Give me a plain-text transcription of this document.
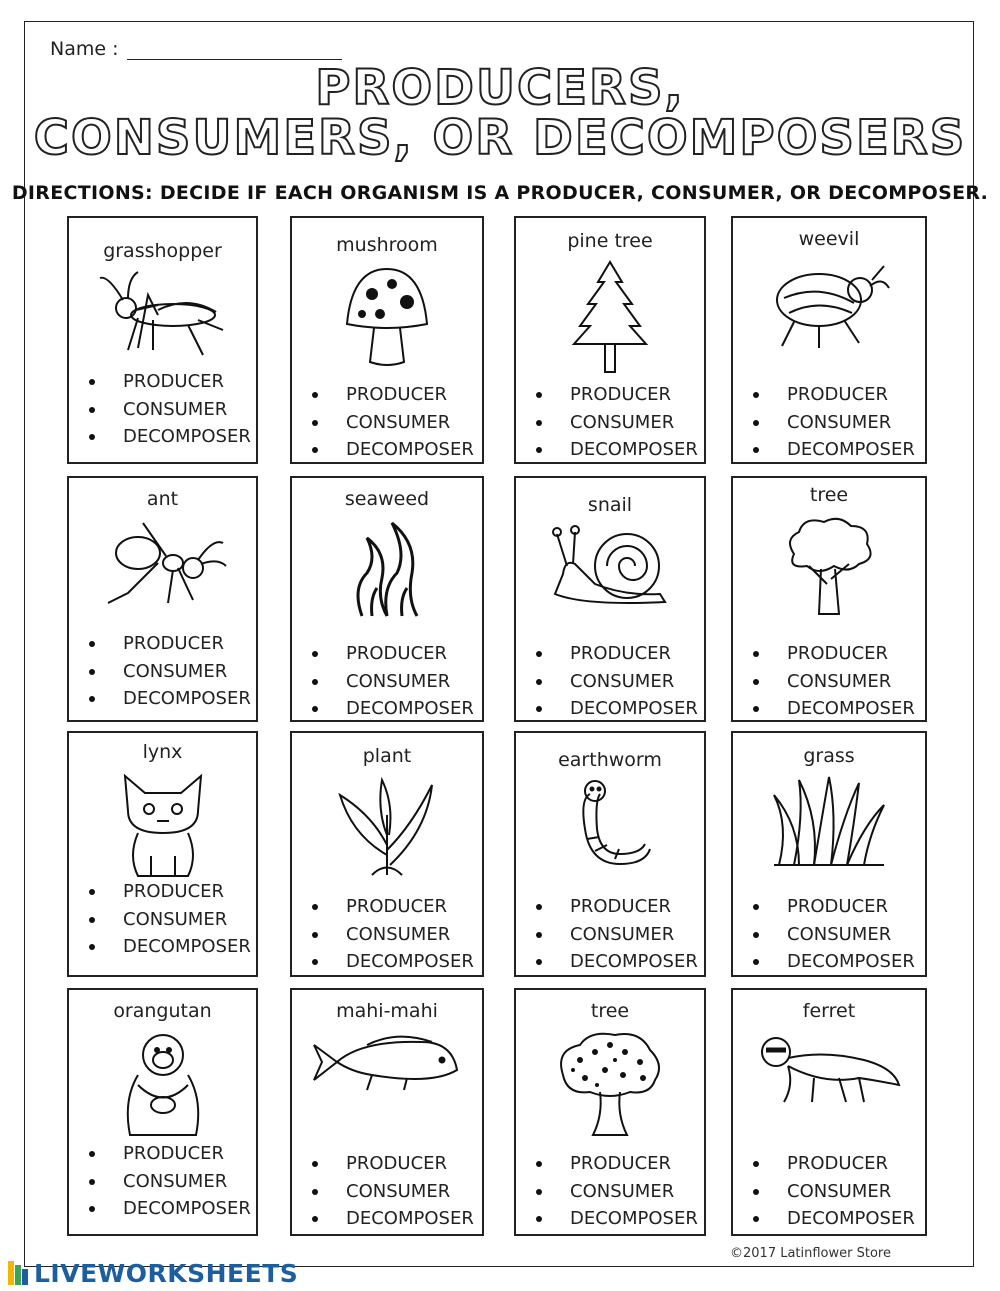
Name :
PRODUCERS,
CONSUMERS, OR DECOMPOSERS
DIRECTIONS: DECIDE IF EACH ORGANISM IS A PRODUCER, CONSUMER, OR DECOMPOSER.
grasshopper
PRODUCER
CONSUMER
DECOMPOSER
mushroom
PRODUCER
CONSUMER
DECOMPOSER
pine tree
PRODUCER
CONSUMER
DECOMPOSER
weevil
PRODUCER
CONSUMER
DECOMPOSER
ant
PRODUCER
CONSUMER
DECOMPOSER
seaweed
PRODUCER
CONSUMER
DECOMPOSER
snail
PRODUCER
CONSUMER
DECOMPOSER
tree
PRODUCER
CONSUMER
DECOMPOSER
lynx
PRODUCER
CONSUMER
DECOMPOSER
plant
PRODUCER
CONSUMER
DECOMPOSER
earthworm
PRODUCER
CONSUMER
DECOMPOSER
grass
PRODUCER
CONSUMER
DECOMPOSER
orangutan
PRODUCER
CONSUMER
DECOMPOSER
mahi-mahi
PRODUCER
CONSUMER
DECOMPOSER
tree
PRODUCER
CONSUMER
DECOMPOSER
ferret
PRODUCER
CONSUMER
DECOMPOSER
©2017 Latinflower Store
LIVEWORKSHEETS
